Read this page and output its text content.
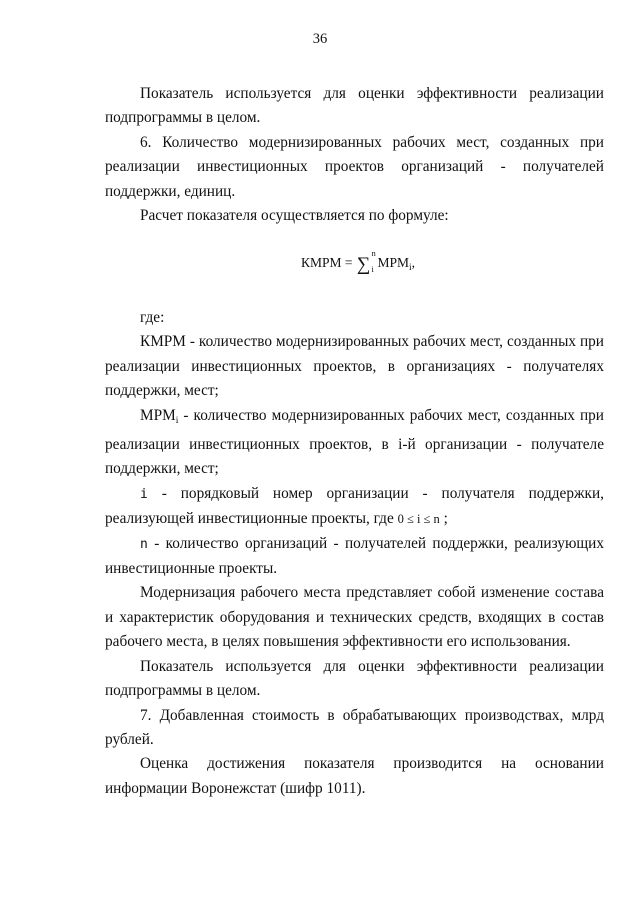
36

Показатель используется для оценки эффективности реализации подпрограммы в целом.

6. Количество модернизированных рабочих мест, созданных при реализации инвестиционных проектов организаций - получателей поддержки, единиц.

Расчет показателя осуществляется по формуле:

КМРМ = ∑
n
i $МРМ_i$,

где:

КМРМ - количество модернизированных рабочих мест, созданных при реализации инвестиционных проектов, в организациях - получателях поддержки, мест;

$МРМ_i$ - количество модернизированных рабочих мест, созданных при реализации инвестиционных проектов, в i-й организации - получателе поддержки, мест;

i - порядковый номер организации - получателя поддержки, реализующей инвестиционные проекты, где 0 ≤ i ≤ n ;

n - количество организаций - получателей поддержки, реализующих инвестиционные проекты.

Модернизация рабочего места представляет собой изменение состава и характеристик оборудования и технических средств, входящих в состав рабочего места, в целях повышения эффективности его использования.

Показатель используется для оценки эффективности реализации подпрограммы в целом.

7. Добавленная стоимость в обрабатывающих производствах, млрд рублей.

Оценка достижения показателя производится на основании информации Воронежстат (шифр 1011).
